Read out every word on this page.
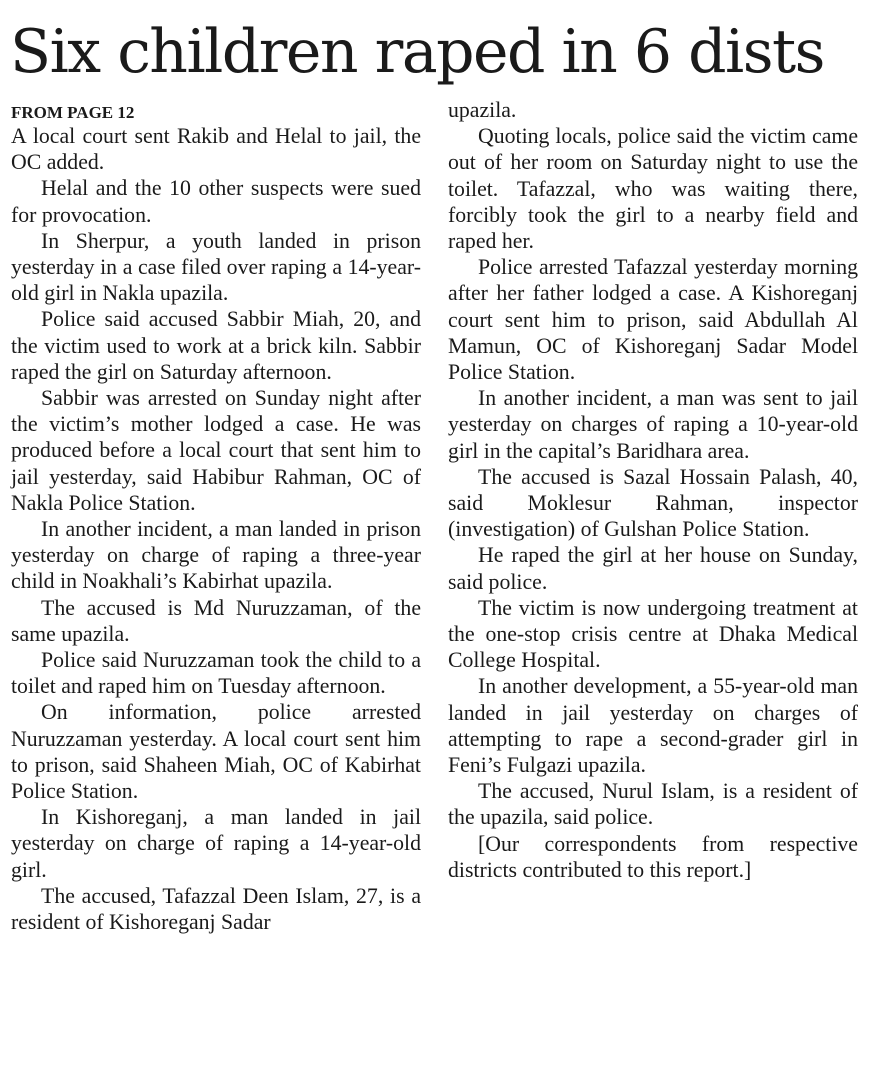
Six children raped in 6 dists
FROM PAGE 12

A local court sent Rakib and Helal to jail, the OC added.

Helal and the 10 other suspects were sued for provocation.

In Sherpur, a youth landed in prison yesterday in a case filed over raping a 14-year-old girl in Nakla upazila.

Police said accused Sabbir Miah, 20, and the victim used to work at a brick kiln. Sabbir raped the girl on Saturday afternoon.

Sabbir was arrested on Sunday night after the victim’s mother lodged a case. He was produced before a local court that sent him to jail yesterday, said Habibur Rahman, OC of Nakla Police Station.

In another incident, a man landed in prison yesterday on charge of raping a three-year child in Noakhali’s Kabirhat upazila.

The accused is Md Nuruzzaman, of the same upazila.

Police said Nuruzzaman took the child to a toilet and raped him on Tuesday afternoon.

On information, police arrested Nuruzzaman yesterday. A local court sent him to prison, said Shaheen Miah, OC of Kabirhat Police Station.

In Kishoreganj, a man landed in jail yesterday on charge of raping a 14-year-old girl.

The accused, Tafazzal Deen Islam, 27, is a resident of Kishoreganj Sadar

upazila.

Quoting locals, police said the victim came out of her room on Saturday night to use the toilet. Tafazzal, who was waiting there, forcibly took the girl to a nearby field and raped her.

Police arrested Tafazzal yesterday morning after her father lodged a case. A Kishoreganj court sent him to prison, said Abdullah Al Mamun, OC of Kishoreganj Sadar Model Police Station.

In another incident, a man was sent to jail yesterday on charges of raping a 10-year-old girl in the capital’s Baridhara area.

The accused is Sazal Hossain Palash, 40, said Moklesur Rahman, inspector (investigation) of Gulshan Police Station.

He raped the girl at her house on Sunday, said police.

The victim is now undergoing treatment at the one-stop crisis centre at Dhaka Medical College Hospital.

In another development, a 55-year-old man landed in jail yesterday on charges of attempting to rape a second-grader girl in Feni’s Fulgazi upazila.

The accused, Nurul Islam, is a resident of the upazila, said police.

[Our correspondents from respective districts contributed to this report.]
